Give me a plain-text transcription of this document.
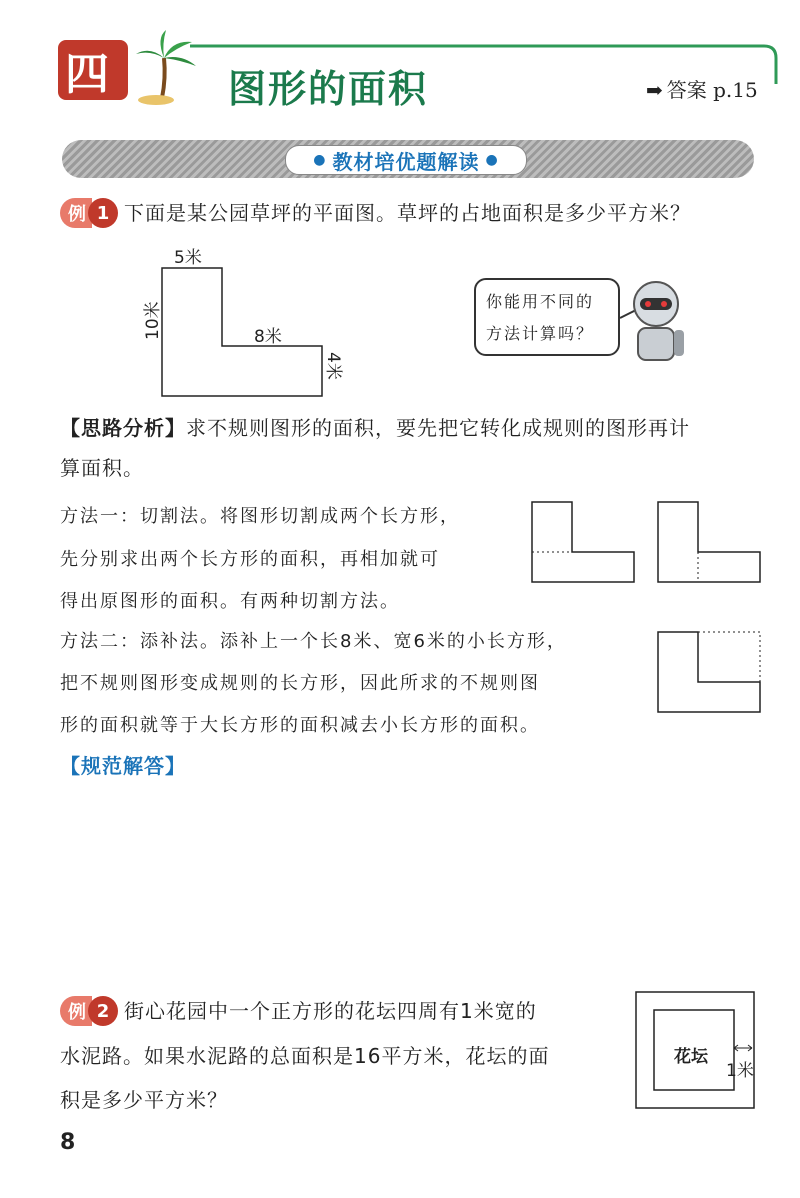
四	图形的面积	➡ 答案 p.15
● 教材培优题解读 ●
例 1 下面是某公园草坪的平面图。草坪的占地面积是多少平方米？
5米
10米	8米
4米
你能用不同的
方法计算吗？
【思路分析】求不规则图形的面积，要先把它转化成规则的图形再计
算面积。
方法一：切割法。将图形切割成两个长方形，
先分别求出两个长方形的面积，再相加就可
得出原图形的面积。有两种切割方法。
方法二：添补法。添补上一个长8米、宽6米的小长方形，
把不规则图形变成规则的长方形，因此所求的不规则图
形的面积就等于大长方形的面积减去小长方形的面积。
【规范解答】
例 2 街心花园中一个正方形的花坛四周有1米宽的
水泥路。如果水泥路的总面积是16平方米，花坛的面
积是多少平方米？
花坛
1米
8
